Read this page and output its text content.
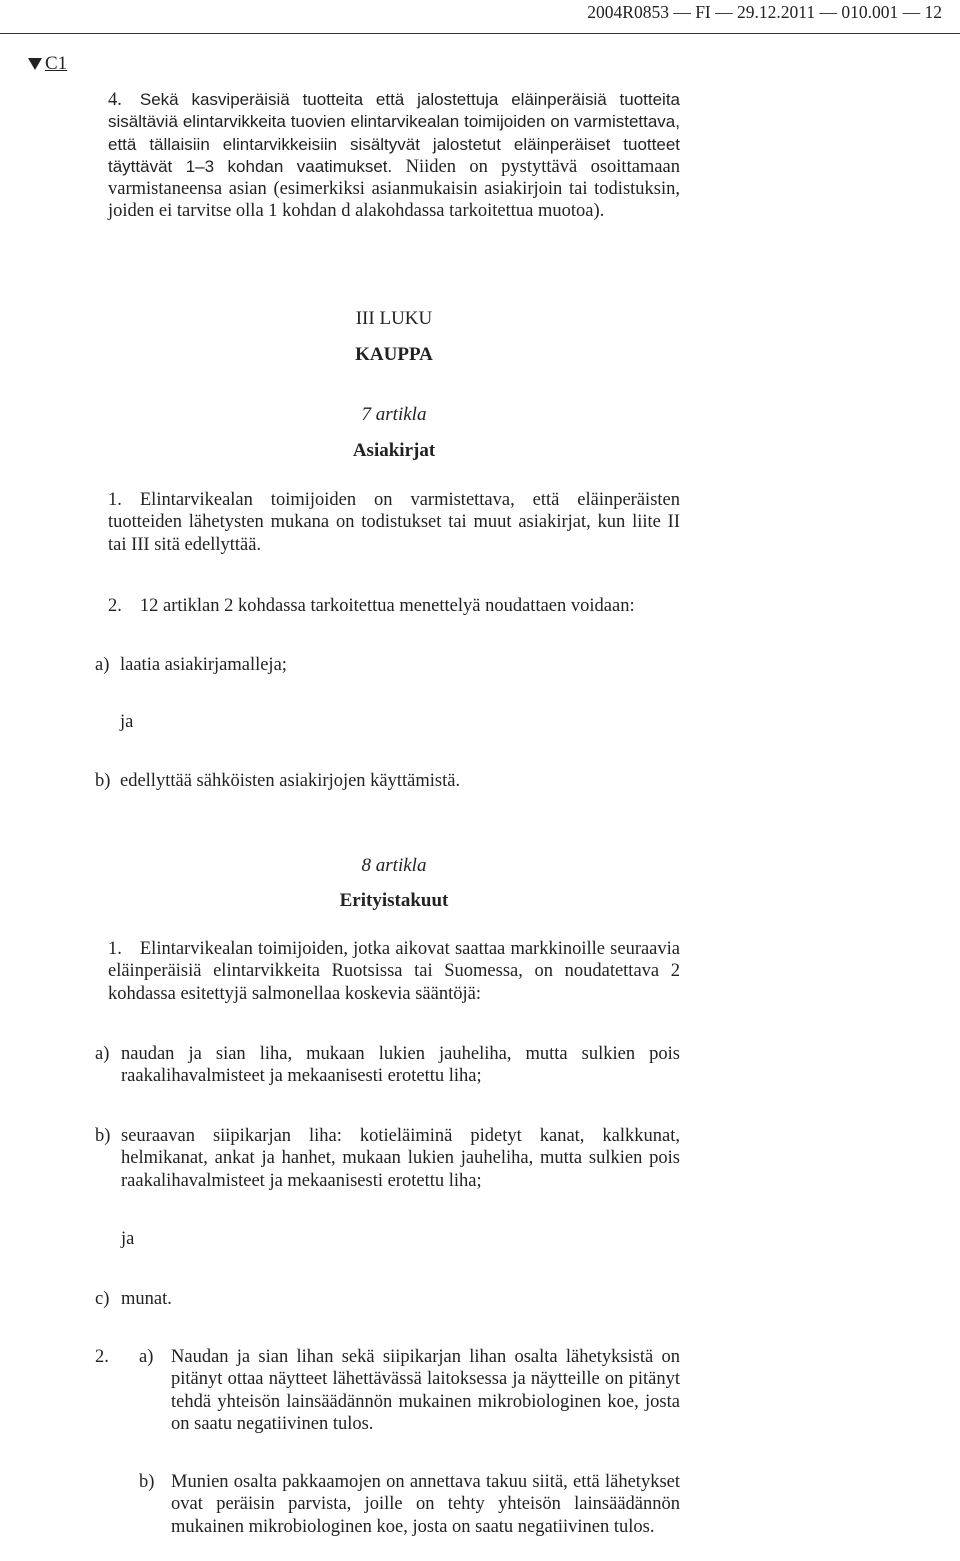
2004R0853 — FI — 29.12.2011 — 010.001 — 12
C1
4. Sekä kasviperäisiä tuotteita että jalostettuja eläinperäisiä tuotteita sisältäviä elintarvikkeita tuovien elintarvikealan toimijoiden on varmistettava, että tällaisiin elintarvikkeisiin sisältyvät jalostetut eläinperäiset tuotteet täyttävät 1–3 kohdan vaatimukset. Niiden on pystyttävä osoittamaan varmistaneensa asian (esimerkiksi asianmukaisin asiakirjoin tai todistuksin, joiden ei tarvitse olla 1 kohdan d alakohdassa tarkoitettua muotoa).
III LUKU
KAUPPA
7 artikla
Asiakirjat
1. Elintarvikealan toimijoiden on varmistettava, että eläinperäisten tuotteiden lähetysten mukana on todistukset tai muut asiakirjat, kun liite II tai III sitä edellyttää.
2. 12 artiklan 2 kohdassa tarkoitettua menettelyä noudattaen voidaan:
a) laatia asiakirjamalleja;
ja
b) edellyttää sähköisten asiakirjojen käyttämistä.
8 artikla
Erityistakuut
1. Elintarvikealan toimijoiden, jotka aikovat saattaa markkinoille seuraavia eläinperäisiä elintarvikkeita Ruotsissa tai Suomessa, on noudatettava 2 kohdassa esitettyjä salmonellaa koskevia sääntöjä:
a) naudan ja sian liha, mukaan lukien jauheliha, mutta sulkien pois raakalihavalmisteet ja mekaanisesti erotettu liha;
b) seuraavan siipikarjan liha: kotieläiminä pidetyt kanat, kalkkunat, helmikanat, ankat ja hanhet, mukaan lukien jauheliha, mutta sulkien pois raakalihavalmisteet ja mekaanisesti erotettu liha;
ja
c) munat.
2. a) Naudan ja sian lihan sekä siipikarjan lihan osalta lähetyksistä on pitänyt ottaa näytteet lähettävässä laitoksessa ja näytteille on pitänyt tehdä yhteisön lainsäädännön mukainen mikrobiologinen koe, josta on saatu negatiivinen tulos.
b) Munien osalta pakkaamojen on annettava takuu siitä, että lähetykset ovat peräisin parvista, joille on tehty yhteisön lainsäädännön mukainen mikrobiologinen koe, josta on saatu negatiivinen tulos.
